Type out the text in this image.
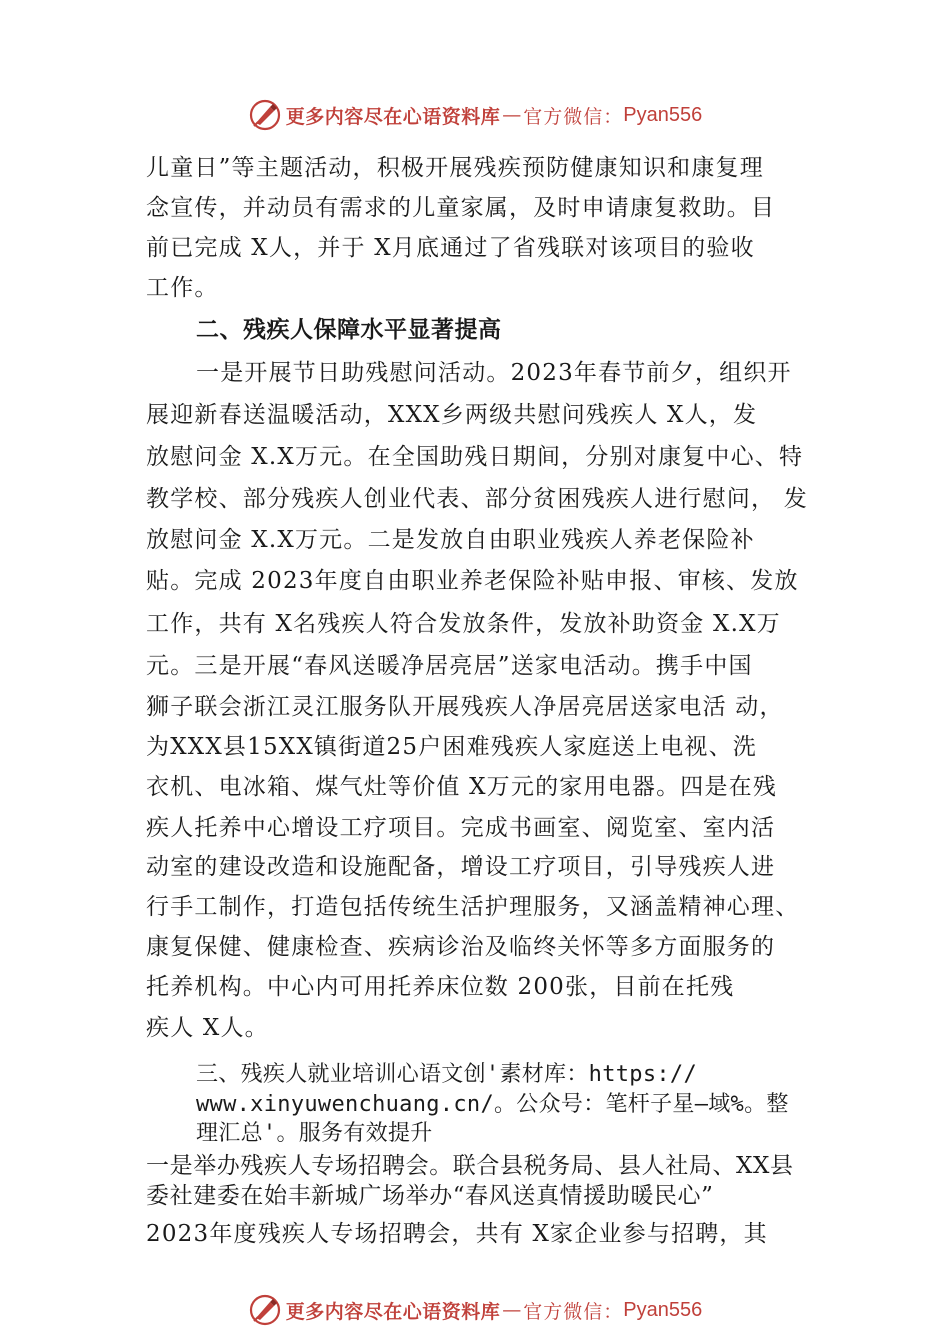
更多内容尽在心语资料库 — 官方微信： Pyan556
儿童日”等主题活动，积极开展残疾预防健康知识和康复理
念宣传，并动员有需求的儿童家属，及时申请康复救助。目
前已完成 X人，并于 X月底通过了省残联对该项目的验收
工作。
二、残疾人保障水平显著提高
一是开展节日助残慰问活动。2023年春节前夕，组织开
展迎新春送温暖活动，XXX乡两级共慰问残疾人 X人，发
放慰问金 X.X万元。在全国助残日期间，分别对康复中心、特
教学校、部分残疾人创业代表、部分贫困残疾人进行慰问， 发
放慰问金 X.X万元。二是发放自由职业残疾人养老保险补
贴。完成 2023年度自由职业养老保险补贴申报、审核、发放
工作，共有 X名残疾人符合发放条件，发放补助资金 X.X万
元。三是开展“春风送暖净居亮居”送家电活动。携手中国
狮子联会浙江灵江服务队开展残疾人净居亮居送家电活 动，
为XXX县15XX镇街道25户困难残疾人家庭送上电视、洗
衣机、电冰箱、煤气灶等价值 X万元的家用电器。四是在残
疾人托养中心增设工疗项目。完成书画室、阅览室、室内活
动室的建设改造和设施配备，增设工疗项目，引导残疾人进
行手工制作，打造包括传统生活护理服务，又涵盖精神心理、
康复保健、健康检查、疾病诊治及临终关怀等多方面服务的
托养机构。中心内可用托养床位数 200张，目前在托残
疾人 X人。
三、残疾人就业培训心语文创'素材库：https://
www.xinyuwenchuang.cn/。公众号：笔杆子星—域%。整
理汇总'。服务有效提升
一是举办残疾人专场招聘会。联合县税务局、县人社局、XX县
委社建委在始丰新城广场举办“春风送真情援助暖民心”
2023年度残疾人专场招聘会，共有 X家企业参与招聘，其
更多内容尽在心语资料库 — 官方微信： Pyan556
